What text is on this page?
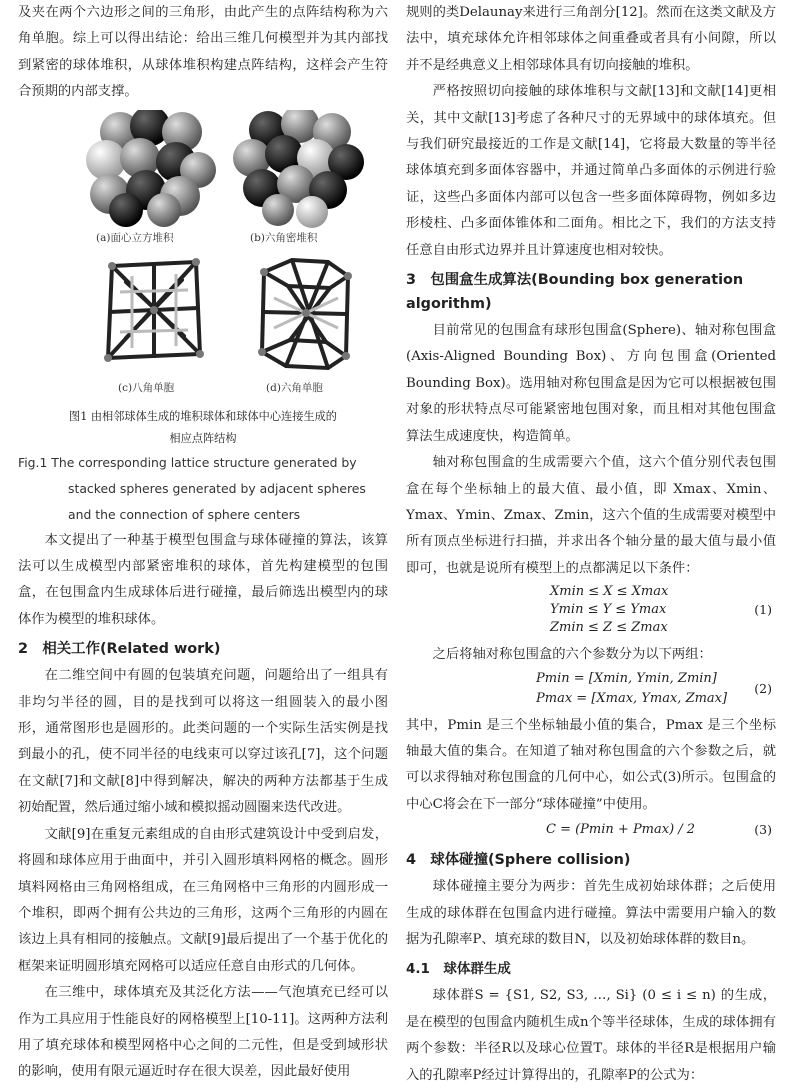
及夹在两个六边形之间的三角形，由此产生的点阵结构称为六角单胞。综上可以得出结论：给出三维几何模型并为其内部找到紧密的球体堆积，从球体堆积构建点阵结构，这样会产生符合预期的内部支撑。

(a)面心立方堆积	(b)六角密堆积
(c)八角单胞	(d)六角单胞
图1 由相邻球体生成的堆积球体和球体中心连接生成的
相应点阵结构
Fig.1 The corresponding lattice structure generated by stacked spheres generated by adjacent spheres and the connection of sphere centers

本文提出了一种基于模型包围盒与球体碰撞的算法，该算法可以生成模型内部紧密堆积的球体，首先构建模型的包围盒，在包围盒内生成球体后进行碰撞，最后筛选出模型内的球体作为模型的堆积球体。

2　相关工作(Related work)

在二维空间中有圆的包装填充问题，问题给出了一组具有非均匀半径的圆，目的是找到可以将这一组圆装入的最小图形，通常图形也是圆形的。此类问题的一个实际生活实例是找到最小的孔，使不同半径的电线束可以穿过该孔[7]，这个问题在文献[7]和文献[8]中得到解决，解决的两种方法都基于生成初始配置，然后通过缩小域和模拟摇动圆圈来迭代改进。

文献[9]在重复元素组成的自由形式建筑设计中受到启发，将圆和球体应用于曲面中，并引入圆形填料网格的概念。圆形填料网格由三角网格组成，在三角网格中三角形的内圆形成一个堆积，即两个拥有公共边的三角形，这两个三角形的内圆在该边上具有相同的接触点。文献[9]最后提出了一个基于优化的框架来证明圆形填充网格可以适应任意自由形式的几何体。

在三维中，球体填充及其泛化方法——气泡填充已经可以作为工具应用于性能良好的网格模型上[10-11]。这两种方法利用了填充球体和模型网格中心之间的二元性，但是受到域形状的影响，使用有限元逼近时存在很大误差，因此最好使用

规则的类Delaunay来进行三角剖分[12]。然而在这类文献及方法中，填充球体允许相邻球体之间重叠或者具有小间隙，所以并不是经典意义上相邻球体具有切向接触的堆积。

严格按照切向接触的球体堆积与文献[13]和文献[14]更相关，其中文献[13]考虑了各种尺寸的无界域中的球体填充。但与我们研究最接近的工作是文献[14]，它将最大数量的等半径球体填充到多面体容器中，并通过简单凸多面体的示例进行验证，这些凸多面体内部可以包含一些多面体障碍物，例如多边形棱柱、凸多面体锥体和二面角。相比之下，我们的方法支持任意自由形式边界并且计算速度也相对较快。

3　包围盒生成算法(Bounding box generation algorithm)

目前常见的包围盒有球形包围盒(Sphere)、轴对称包围盒(Axis-Aligned Bounding Box)、方向包围盒(Oriented Bounding Box)。选用轴对称包围盒是因为它可以根据被包围对象的形状特点尽可能紧密地包围对象，而且相对其他包围盒算法生成速度快，构造简单。

轴对称包围盒的生成需要六个值，这六个值分别代表包围盒在每个坐标轴上的最大值、最小值，即 Xmax、Xmin、Ymax、Ymin、Zmax、Zmin，这六个值的生成需要对模型中所有顶点坐标进行扫描，并求出各个轴分量的最大值与最小值即可，也就是说所有模型上的点都满足以下条件：

Xmin ≤ X ≤ Xmax
Ymin ≤ Y ≤ Ymax
Zmin ≤ Z ≤ Zmax
(1)

之后将轴对称包围盒的六个参数分为以下两组：

Pmin = [Xmin, Ymin, Zmin]
Pmax = [Xmax, Ymax, Zmax]
(2)

其中，Pmin 是三个坐标轴最小值的集合，Pmax 是三个坐标轴最大值的集合。在知道了轴对称包围盒的六个参数之后，就可以求得轴对称包围盒的几何中心，如公式(3)所示。包围盒的中心C将会在下一部分“球体碰撞”中使用。

C = (Pmin + Pmax) / 2	(3)
4　球体碰撞(Sphere collision)

球体碰撞主要分为两步：首先生成初始球体群；之后使用生成的球体群在包围盒内进行碰撞。算法中需要用户输入的数据为孔隙率P、填充球的数目N，以及初始球体群的数目n。

4.1　球体群生成

球体群S = {S1, S2, S3, …, Si} (0 ≤ i ≤ n) 的生成，是在模型的包围盒内随机生成n个等半径球体，生成的球体拥有两个参数：半径R以及球心位置T。球体的半径R是根据用户输入的孔隙率P经过计算得出的，孔隙率P的公式为：
